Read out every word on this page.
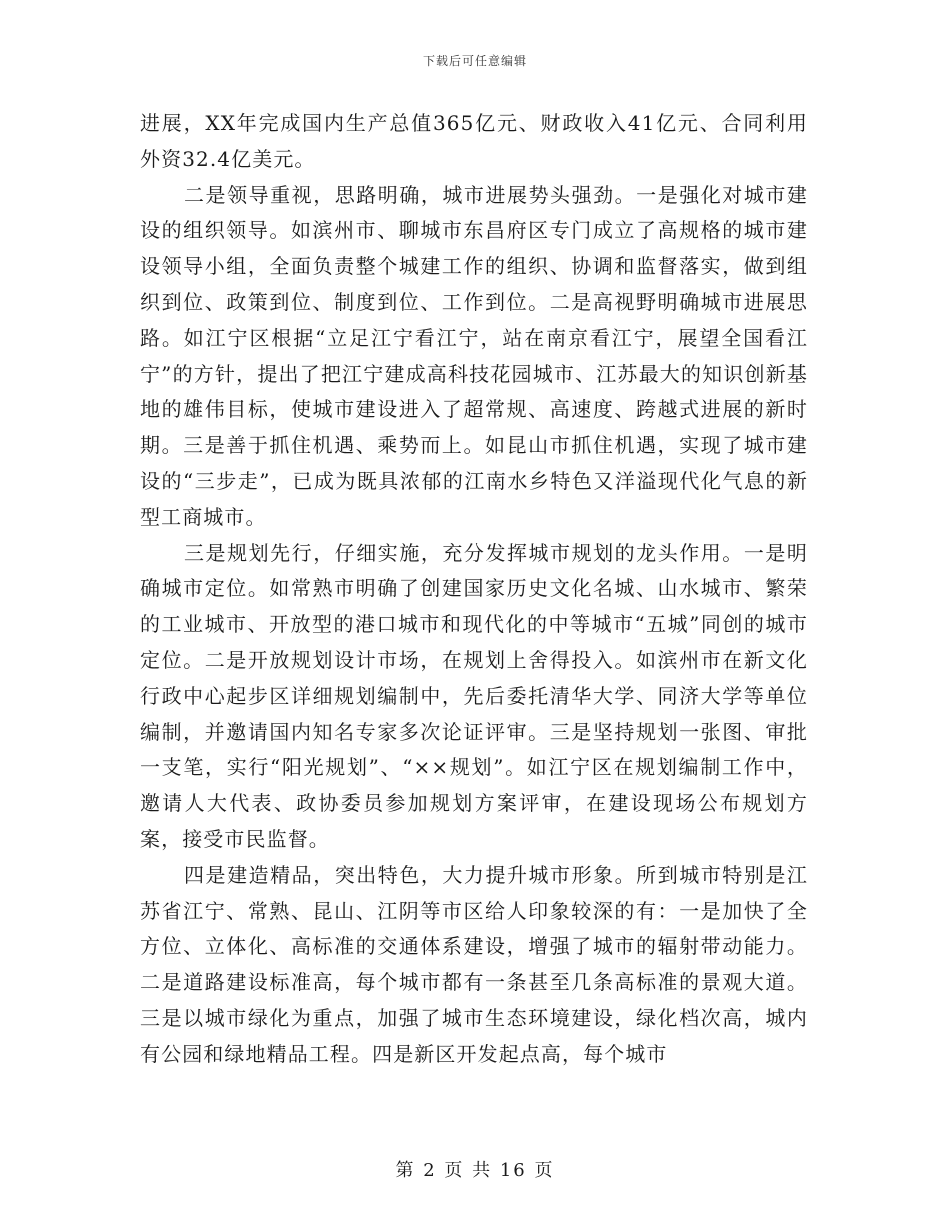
下载后可任意编辑

进展，XX年完成国内生产总值365亿元、财政收入41亿元、合同利用外资32.4亿美元。

二是领导重视，思路明确，城市进展势头强劲。一是强化对城市建设的组织领导。如滨州市、聊城市东昌府区专门成立了高规格的城市建设领导小组，全面负责整个城建工作的组织、协调和监督落实，做到组织到位、政策到位、制度到位、工作到位。二是高视野明确城市进展思路。如江宁区根据“立足江宁看江宁，站在南京看江宁，展望全国看江宁”的方针，提出了把江宁建成高科技花园城市、江苏最大的知识创新基地的雄伟目标，使城市建设进入了超常规、高速度、跨越式进展的新时期。三是善于抓住机遇、乘势而上。如昆山市抓住机遇，实现了城市建设的“三步走”，已成为既具浓郁的江南水乡特色又洋溢现代化气息的新型工商城市。

三是规划先行，仔细实施，充分发挥城市规划的龙头作用。一是明确城市定位。如常熟市明确了创建国家历史文化名城、山水城市、繁荣的工业城市、开放型的港口城市和现代化的中等城市“五城”同创的城市定位。二是开放规划设计市场，在规划上舍得投入。如滨州市在新文化行政中心起步区详细规划编制中，先后委托清华大学、同济大学等单位编制，并邀请国内知名专家多次论证评审。三是坚持规划一张图、审批一支笔，实行“阳光规划”、“××规划”。如江宁区在规划编制工作中，邀请人大代表、政协委员参加规划方案评审，在建设现场公布规划方案，接受市民监督。

四是建造精品，突出特色，大力提升城市形象。所到城市特别是江苏省江宁、常熟、昆山、江阴等市区给人印象较深的有：一是加快了全方位、立体化、高标准的交通体系建设，增强了城市的辐射带动能力。二是道路建设标准高，每个城市都有一条甚至几条高标准的景观大道。三是以城市绿化为重点，加强了城市生态环境建设，绿化档次高，城内有公园和绿地精品工程。四是新区开发起点高，每个城市

第 2 页 共 16 页
